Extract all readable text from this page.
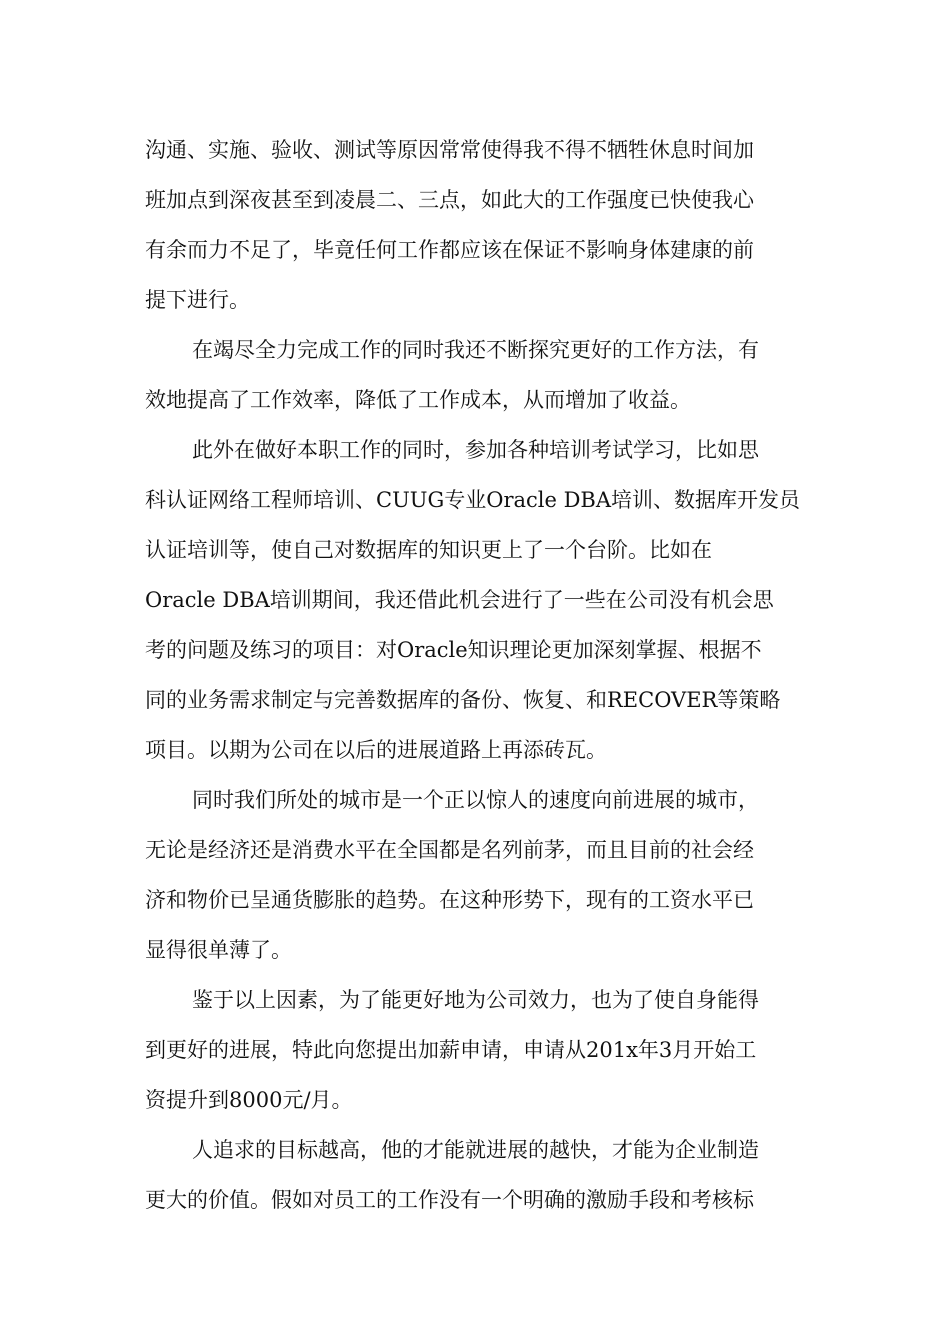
沟通、实施、验收、测试等原因常常使得我不得不牺牲休息时间加
班加点到深夜甚至到凌晨二、三点，如此大的工作强度已快使我心
有余而力不足了，毕竟任何工作都应该在保证不影响身体建康的前
提下进行。
在竭尽全力完成工作的同时我还不断探究更好的工作方法，有
效地提高了工作效率，降低了工作成本，从而增加了收益。
此外在做好本职工作的同时，参加各种培训考试学习，比如思
科认证网络工程师培训、CUUG专业Oracle DBA培训、数据库开发员
认证培训等，使自己对数据库的知识更上了一个台阶。比如在
Oracle DBA培训期间，我还借此机会进行了一些在公司没有机会思
考的问题及练习的项目：对Oracle知识理论更加深刻掌握、根据不
同的业务需求制定与完善数据库的备份、恢复、和RECOVER等策略
项目。以期为公司在以后的进展道路上再添砖瓦。
同时我们所处的城市是一个正以惊人的速度向前进展的城市，
无论是经济还是消费水平在全国都是名列前茅，而且目前的社会经
济和物价已呈通货膨胀的趋势。在这种形势下，现有的工资水平已
显得很单薄了。
鉴于以上因素，为了能更好地为公司效力，也为了使自身能得
到更好的进展，特此向您提出加薪申请，申请从201x年3月开始工
资提升到8000元/月。
人追求的目标越高，他的才能就进展的越快，才能为企业制造
更大的价值。假如对员工的工作没有一个明确的激励手段和考核标
